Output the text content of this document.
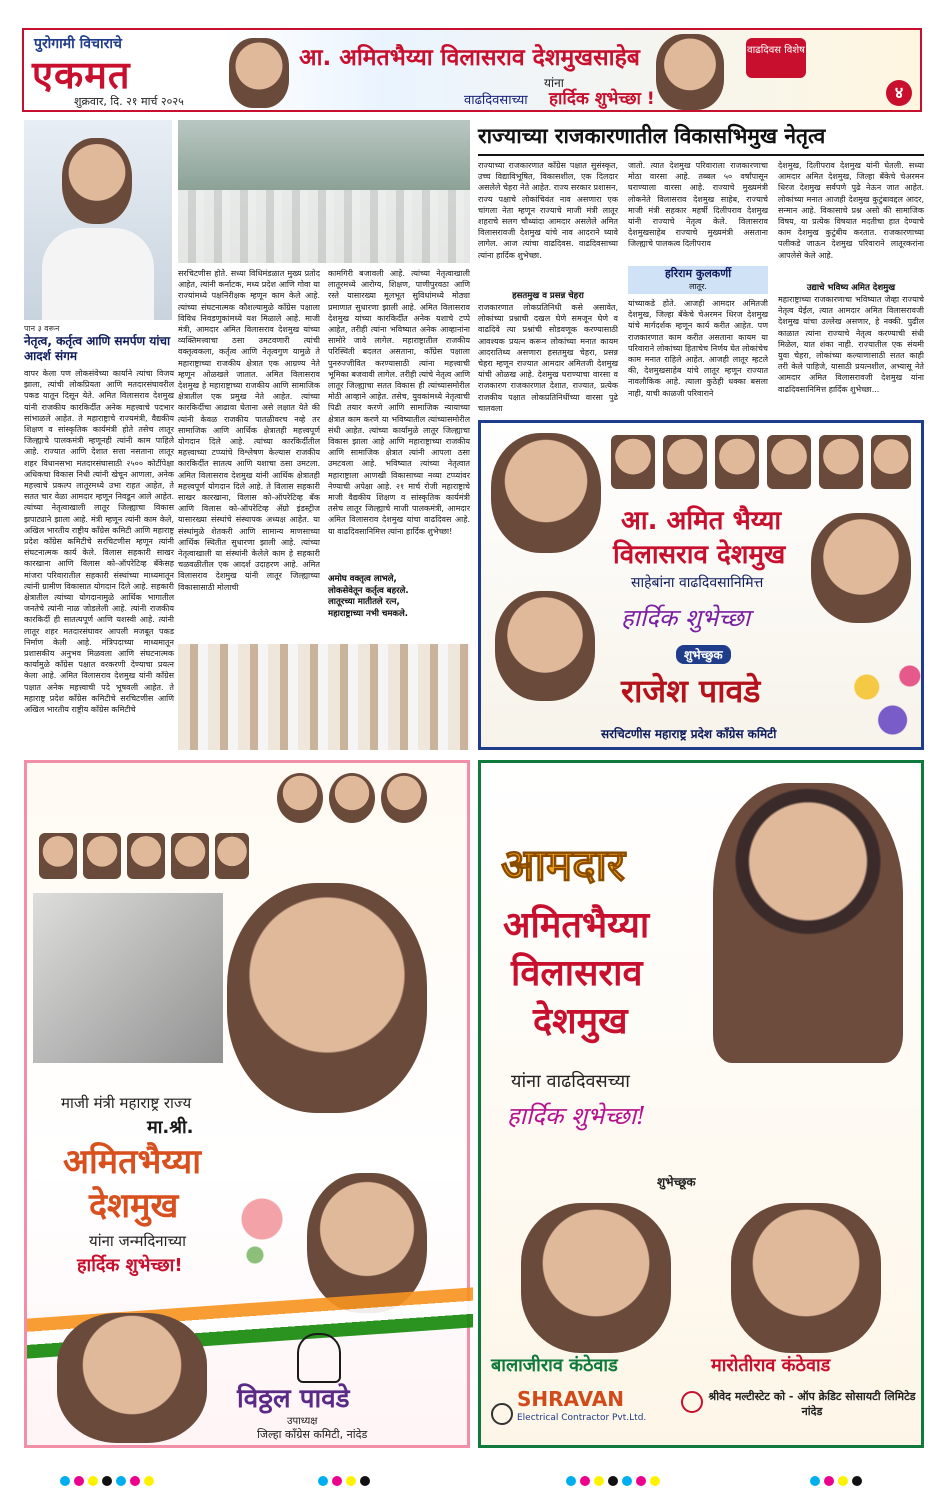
पुरोगामी विचाराचे
एकमत
शुक्रवार, दि. २१ मार्च २०२५
आ. अमितभैय्या विलासराव देशमुखसाहेब
यांना
वाढदिवसाच्या हार्दिक शुभेच्छा !
वाढदिवस विशेष
४
पान ३ वरून
नेतृत्व, कर्तृत्व आणि समर्पण यांचा आदर्श संगम
वापर केला पण लोकसंवेच्या कार्याने त्यांचा विजय झाला, त्यांची लोकप्रियता आणि मतदारसंघावरील पकड यातून दिसून येते. अमित विलासराव देशमुख यांनी राजकीय कारकिर्दीत अनेक महत्त्वाचे पदभार सांभाळले आहेत. ते महाराष्ट्राचे राज्यमंत्री, वैद्यकीय शिक्षण व सांस्कृतिक कार्यमंत्री होते तसेच लातूर जिल्ह्याचे पालकमंत्री म्हणूनही त्यांनी काम पाहिले आहे. राज्यात आणि देशात सत्ता नसताना लातूर शहर विधानसभा मतदारसंघासाठी २५०० कोटींपेक्षा अधिकचा विकास निधी त्यांनी खेचून आणला, अनेक महत्त्वाचे प्रकल्प लातूरमध्ये उभा राहत आहेत, ते सतत चार वेळा आमदार म्हणून निवडून आले आहेत. त्यांच्या नेतृत्वाखाली लातूर जिल्ह्याचा विकास झपाट्याने झाला आहे. मंत्री म्हणून त्यांनी काम केले, अखिल भारतीय राष्ट्रीय काँग्रेस कमिटी आणि महाराष्ट्र प्रदेश काँग्रेस कमिटीचे सरचिटणीस म्हणून त्यांनी संघटनात्मक कार्य केले. विलास सहकारी साखर कारखाना आणि विलास को-ऑपरेटिव्ह बँकेसह मांजरा परिवारातील सहकारी संस्थांच्या माध्यमातून त्यांनी ग्रामीण विकासात योगदान दिले आहे. सहकारी क्षेत्रातील त्यांच्या योगदानामुळे आर्थिक भागातील जनतेचे त्यांनी नाळ जोडलेली आहे. त्यांनी राजकीय कारकिर्दी ही सातत्यपूर्ण आणि यशस्वी आहे. त्यांनी लातूर शहर मतदारसंघावर आपली मजबूत पकड निर्माण केली आहे. मंत्रिपदाच्या माध्यमातून प्रशासकीय अनुभव मिळवला आणि संघटनात्मक कार्यामुळे काँग्रेस पक्षात वरकरणी देण्याचा प्रयत्न केला आहे. अमित विलासराव देशमुख यांनी काँग्रेस पक्षात अनेक महत्त्वाची पदे भूषवली आहेत. ते महाराष्ट्र प्रदेश काँग्रेस कमिटीचे सरचिटणीस आणि अखिल भारतीय राष्ट्रीय काँग्रेस कमिटीचे
सरचिटणीस होते. सध्या विधिमंडळात मुख्य प्रतोद आहेत, त्यांनी कर्नाटक, मध्य प्रदेश आणि गोवा या राज्यांमध्ये पक्षनिरीक्षक म्हणून काम केले आहे. त्यांच्या संघटनात्मक कौशल्यामुळे काँग्रेस पक्षाला विविध निवडणुकांमध्ये यश मिळाले आहे. माजी मंत्री, आमदार अमित विलासराव देशमुख यांच्या व्यक्तिमत्त्वाचा ठसा उमटवणारी त्यांची वक्तृत्वकला, कर्तृत्व आणि नेतृत्वगुण यामुळे ते महाराष्ट्राच्या राजकीय क्षेत्रात एक आग्रण्य नेते म्हणून ओळखले जातात. अमित विलासराव देशमुख हे महाराष्ट्राच्या राजकीय आणि सामाजिक क्षेत्रातील एक प्रमुख नेते आहेत. त्यांच्या कारकिर्दीचा आढावा घेताना असे लक्षात येते की त्यांनी केवळ राजकीय पातळीवरच नव्हे तर सामाजिक आणि आर्थिक क्षेत्रातही महत्त्वपूर्ण योगदान दिले आहे. त्यांच्या कारकिर्दीतील महत्त्वाच्या टप्प्यांचे विश्लेषण केल्यास राजकीय कारकिर्दीत सातत्य आणि यशाचा ठसा उमटला. अमित विलासराव देशमुख यांनी आर्थिक क्षेत्रातही महत्त्वपूर्ण योगदान दिले आहे. ते विलास सहकारी साखर कारखाना, विलास को-ऑपरेटिव्ह बँक आणि विलास को-ऑपरेटिव्ह ॲग्रो इंडस्ट्रीज यासारख्या संस्थांचे संस्थापक अध्यक्ष आहेत. या संस्थांमुळे शेतकरी आणि सामान्य माणसाच्या आर्थिक स्थितीत सुधारणा झाली आहे. त्यांच्या नेतृत्वाखाली या संस्थांनी केलेले काम हे सहकारी चळवळीतील एक आदर्श उदाहरण आहे. अमित विलासराव देशमुख यांनी लातूर जिल्ह्याच्या विकासासाठी मोलाची
कामगिरी बजावली आहे. त्यांच्या नेतृत्वाखाली लातूरमध्ये आरोग्य, शिक्षण, पाणीपुरवठा आणि रस्ते यासारख्या मूलभूत सुविधांमध्ये मोठ्या प्रमाणात सुधारणा झाली आहे. अमित विलासराव देशमुख यांच्या कारकिर्दीत अनेक यशाचे टप्पे आहेत, तरीही त्यांना भविष्यात अनेक आव्हानांना सामोरे जावे लागेल. महाराष्ट्रातील राजकीय परिस्थिती बदलत असताना, काँग्रेस पक्षाला पुनरुज्जीवित करण्यासाठी त्यांना महत्त्वाची भूमिका बजवावी लागेल. तरीही त्यांचे नेतृत्व आणि लातूर जिल्ह्याचा सतत विकास ही त्यांच्यासमोरील मोठी आव्हाने आहेत. तसेच, युवकांमध्ये नेतृत्वाची पिढी तयार करणे आणि सामाजिक न्यायाच्या क्षेत्रात काम करणे या भविष्यातील त्यांच्यासमोरील संधी आहेत. त्यांच्या कार्यामुळे लातूर जिल्ह्याचा विकास झाला आहे आणि महाराष्ट्राच्या राजकीय आणि सामाजिक क्षेत्रात त्यांनी आपला ठसा उमटवला आहे. भविष्यात त्यांच्या नेतृत्वात महाराष्ट्राला आणखी विकासाच्या नव्या टप्प्यांवर नेण्याची अपेक्षा आहे. २१ मार्च रोजी महाराष्ट्राचे माजी वैद्यकीय शिक्षण व सांस्कृतिक कार्यमंत्री तसेच लातूर जिल्ह्याचे माजी पालकमंत्री, आमदार अमित विलासराव देशमुख यांचा वाढदिवस आहे. या वाढदिवसानिमित्त त्यांना हार्दिक शुभेच्छा!
अमोघ वक्तृत्व लाभले,
लोकसेवेतून कर्तृत्व बहरले.
लातूरच्या मातीतले रत्न,
महाराष्ट्राच्या नभी चमकले.
राज्याच्या राजकारणातील विकासभिमुख नेतृत्व
राज्याच्या राजकारणात काँग्रेस पक्षात सुसंस्कृत, उच्च विद्याविभूषित, विकासशील, एक दिलदार असलेले चेहरा नेते आहेत. राज्य सरकार प्रशासन, राज्य पक्षाचे लोकांचिवंत नाव असणारा एक चांगला नेता म्हणून राज्याचे माजी मंत्री लातूर शहराचे सलग चौथ्यांदा आमदार असलेले अमित विलासरावजी देशमुख यांचे नाव आदराने घ्यावे लागेल. आज त्यांचा वाढदिवस. वाढदिवसाच्या त्यांना हार्दिक शुभेच्छा.
हसतमुख व प्रसन्न चेहरा
राजकारणात लोकप्रतिनिधी कसे असावेत, लोकांच्या प्रश्नाची दखल घेणे समजून घेणे व वाढदिवे त्या प्रश्नांची सोडवणूक करण्यासाठी आवश्यक प्रयत्न करून लोकांच्या मनात कायम आदरातिथ्य असणारा हसतमुख चेहरा, प्रसन्न चेहरा म्हणून राज्यात आमदार अमितजी देशमुख यांची ओळख आहे. देशमुख घराण्याचा वारसा व राजकारण राजकारणात देशात, राज्यात, प्रत्येक राजकीय पक्षात लोकप्रतिनिधींच्या वारसा पुढे चालवला
जातो. त्यात देशमुख परिवाराला राजकारणाचा मोठा वारसा आहे. तब्बल ५० वर्षांपासून घराण्याला वारसा आहे. राज्याचे मुख्यमंत्री लोकनेते विलासराव देशमुख साहेब, राज्याचे माजी मंत्री सहकार महर्षी दिलीपराव देशमुख यांनी राज्याचे नेतृत्व केले. विलासराव देशमुखसाहेब राज्याचे मुख्यमंत्री असताना जिल्ह्याचे पालकत्व दिलीपराव
हरिराम कुलकर्णी
लातूर.
यांच्याकडे होते. आजही आमदार अमितजी देशमुख, जिल्हा बँकेचे चेअरमन धिरज देशमुख यांचे मार्गदर्शक म्हणून कार्य करीत आहेत. पण राजकारणात काम करीत असताना कायम या परिवाराने लोकांच्या हिताचेच निर्णय घेत लोकांचेच काम मनात राहिले आहेत. आजही लातूर म्हटले की, देशमुखसाहेब यांचे लातूर म्हणून राज्यात नावलौकिक आहे. त्याला कुठेही धक्का बसला नाही, याची काळजी परिवाराने
देशमुख, दिलीपराव देशमुख यांनी घेतली. सध्या आमदार अमित देशमुख, जिल्हा बँकेचे चेअरमन धिरज देशमुख सर्वपणे पुढे नेऊन जात आहेत. लोकांच्या मनात आजही देशमुख कुटुंबावद्दल आदर, सन्मान आहे. विकासाचे प्रश्न असो की सामाजिक विषय, या प्रत्येक विषयात मदतीचा हात देण्याचे काम देशमुख कुटुंबीय करतात. राजकारणाच्या पलीकडे जाऊन देशमुख परिवाराने लातूरकरांना आपलेसे केले आहे.
उद्याचे भविष्य अमित देशमुख
महाराष्ट्राच्या राजकारणाचा भविष्यात जेव्हा राज्याचे नेतृत्व येईल, त्यात आमदार अमित विलासरावजी देशमुख यांचा उल्लेख असणार, हे नक्की. पुढील काळात त्यांना राज्याचे नेतृत्व करण्याची संधी मिळेल, यात शंका नाही. राज्यातील एक संयमी युवा चेहरा, लोकांच्या कल्याणासाठी सतत काही तरी केले पाहिजे, यासाठी प्रयत्नशील, अभ्यासू नेते आमदार अमित विलासरावजी देशमुख यांना वाढदिवसानिमित्त हार्दिक शुभेच्छा...
आ. अमित भैय्या
विलासराव देशमुख
साहेबांना वाढदिवसानिमित्त
हार्दिक शुभेच्छा
शुभेच्छुक
राजेश पावडे
सरचिटणीस महाराष्ट्र प्रदेश काँग्रेस कमिटी
माजी मंत्री महाराष्ट्र राज्य
मा.श्री.
अमितभैय्या
देशमुख
यांना जन्मदिनाच्या
हार्दिक शुभेच्छा!
विठ्ठल पावडे
उपाध्यक्ष
जिल्हा काँग्रेस कमिटी, नांदेड
आमदार
अमितभैय्या
विलासराव
देशमुख
यांना वाढदिवसच्या
हार्दिक शुभेच्छा!
शुभेच्छूक
बालाजीराव कंठेवाड	मारोतीराव कंठेवाड
SHRAVAN
Electrical Contractor Pvt.Ltd.
श्रीवेद मल्टीस्टेट को - ऑप क्रेडिट सोसायटी लिमिटेड नांदेड
